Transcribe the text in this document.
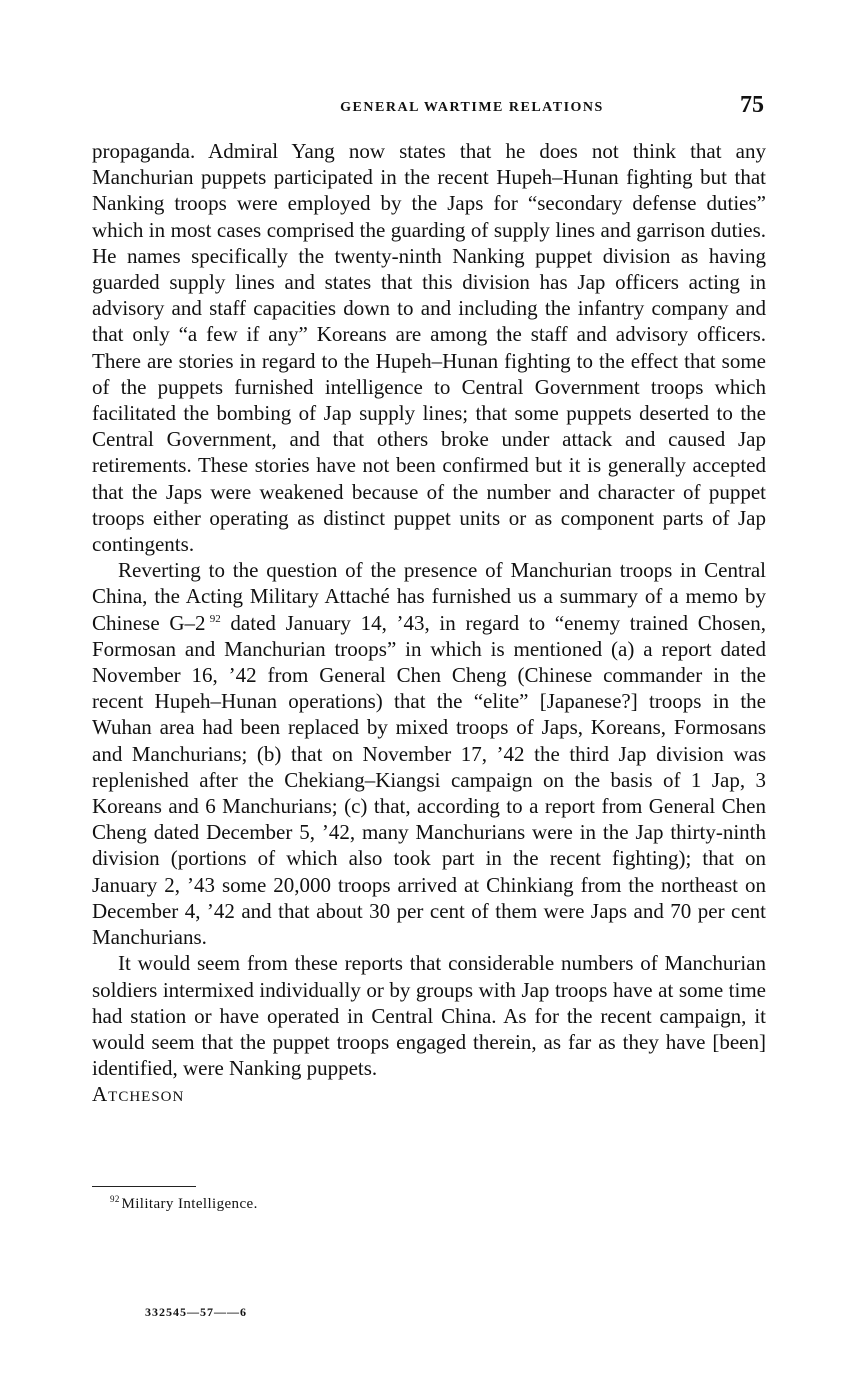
GENERAL WARTIME RELATIONS	75

propaganda. Admiral Yang now states that he does not think that any Manchurian puppets participated in the recent Hupeh–Hunan fighting but that Nanking troops were employed by the Japs for “secondary defense duties” which in most cases comprised the guarding of supply lines and garrison duties. He names specifically the twenty-ninth Nanking puppet division as having guarded supply lines and states that this division has Jap officers acting in advisory and staff capacities down to and including the infantry company and that only “a few if any” Koreans are among the staff and advisory officers. There are stories in regard to the Hupeh–Hunan fighting to the effect that some of the puppets furnished intelligence to Central Government troops which facilitated the bombing of Jap supply lines; that some puppets deserted to the Central Government, and that others broke under attack and caused Jap retirements. These stories have not been confirmed but it is generally accepted that the Japs were weakened because of the number and character of puppet troops either operating as distinct puppet units or as component parts of Jap contingents.

Reverting to the question of the presence of Manchurian troops in Central China, the Acting Military Attaché has furnished us a summary of a memo by Chinese G–2  $^{92}$ dated January 14, ’43, in regard to “enemy trained Chosen, Formosan and Manchurian troops” in which is mentioned (a) a report dated November 16, ’42 from General Chen Cheng (Chinese commander in the recent Hupeh–Hunan operations) that the “elite” [Japanese?] troops in the Wuhan area had been replaced by mixed troops of Japs, Koreans, Formosans and Manchurians; (b) that on November 17, ’42 the third Jap division was replenished after the Chekiang–Kiangsi campaign on the basis of 1 Jap, 3 Koreans and 6 Manchurians; (c) that, according to a report from General Chen Cheng dated December 5, ’42, many Manchurians were in the Jap thirty-ninth division (portions of which also took part in the recent fighting); that on January 2, ’43 some 20,000 troops arrived at Chinkiang from the northeast on December 4, ’42 and that about 30 per cent of them were Japs and 70 per cent Manchurians.

It would seem from these reports that considerable numbers of Manchurian soldiers intermixed individually or by groups with Jap troops have at some time had station or have operated in Central China. As for the recent campaign, it would seem that the puppet troops engaged therein, as far as they have [been] identified, were Nanking puppets.

Atcheson

$^{92}$  Military Intelligence.
332545—57——6
